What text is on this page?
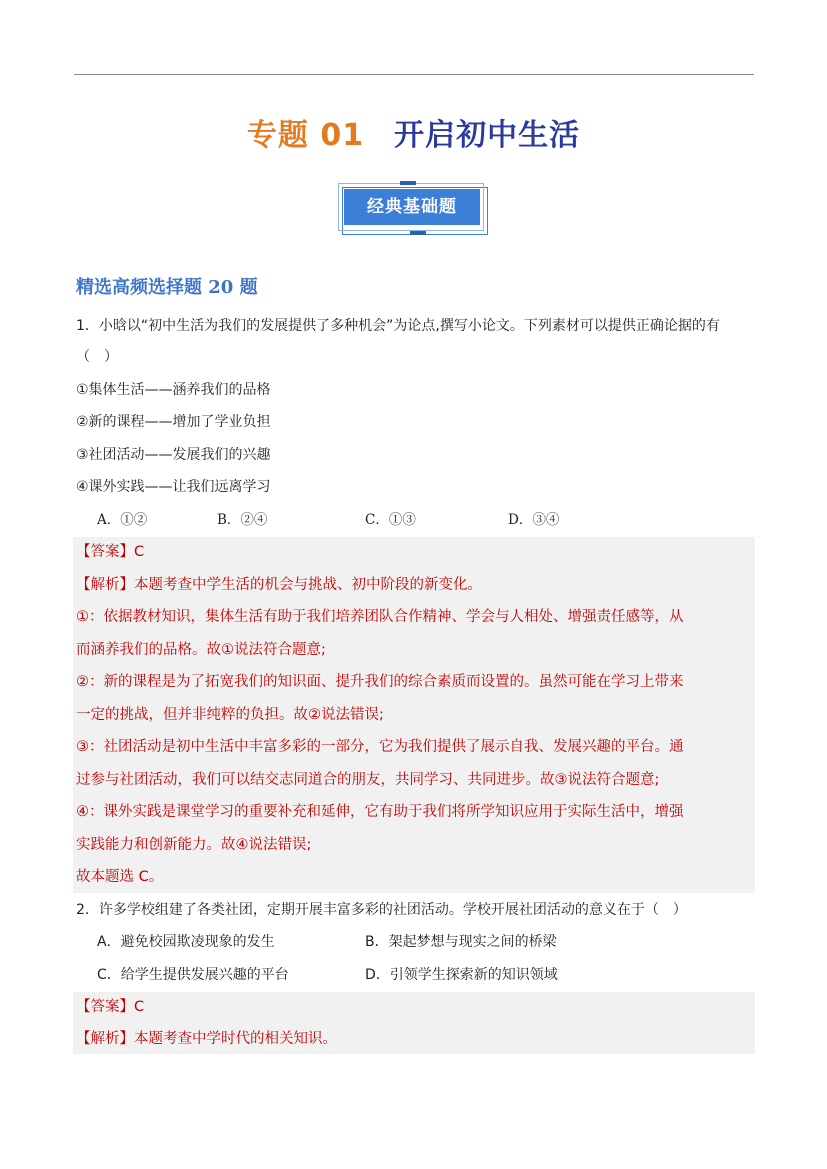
专题 01 开启初中生活
经典基础题
精选高频选择题 20 题
1．小晗以“初中生活为我们的发展提供了多种机会”为论点,撰写小论文。下列素材可以提供正确论据的有
（　）
①集体生活——涵养我们的品格
②新的课程——增加了学业负担
③社团活动——发展我们的兴趣
④课外实践——让我们远离学习
A．①②	B．②④	C．①③	D．③④
【答案】C
【解析】本题考查中学生活的机会与挑战、初中阶段的新变化。
①：依据教材知识，集体生活有助于我们培养团队合作精神、学会与人相处、增强责任感等，从
而涵养我们的品格。故①说法符合题意;
②：新的课程是为了拓宽我们的知识面、提升我们的综合素质而设置的。虽然可能在学习上带来
一定的挑战，但并非纯粹的负担。故②说法错误;
③：社团活动是初中生活中丰富多彩的一部分，它为我们提供了展示自我、发展兴趣的平台。通
过参与社团活动，我们可以结交志同道合的朋友，共同学习、共同进步。故③说法符合题意;
④：课外实践是课堂学习的重要补充和延伸，它有助于我们将所学知识应用于实际生活中，增强
实践能力和创新能力。故④说法错误;
故本题选 C。
2．许多学校组建了各类社团，定期开展丰富多彩的社团活动。学校开展社团活动的意义在于（　）
A．避免校园欺凌现象的发生	B．架起梦想与现实之间的桥梁
C．给学生提供发展兴趣的平台	D．引领学生探索新的知识领域
【答案】C
【解析】本题考查中学时代的相关知识。
